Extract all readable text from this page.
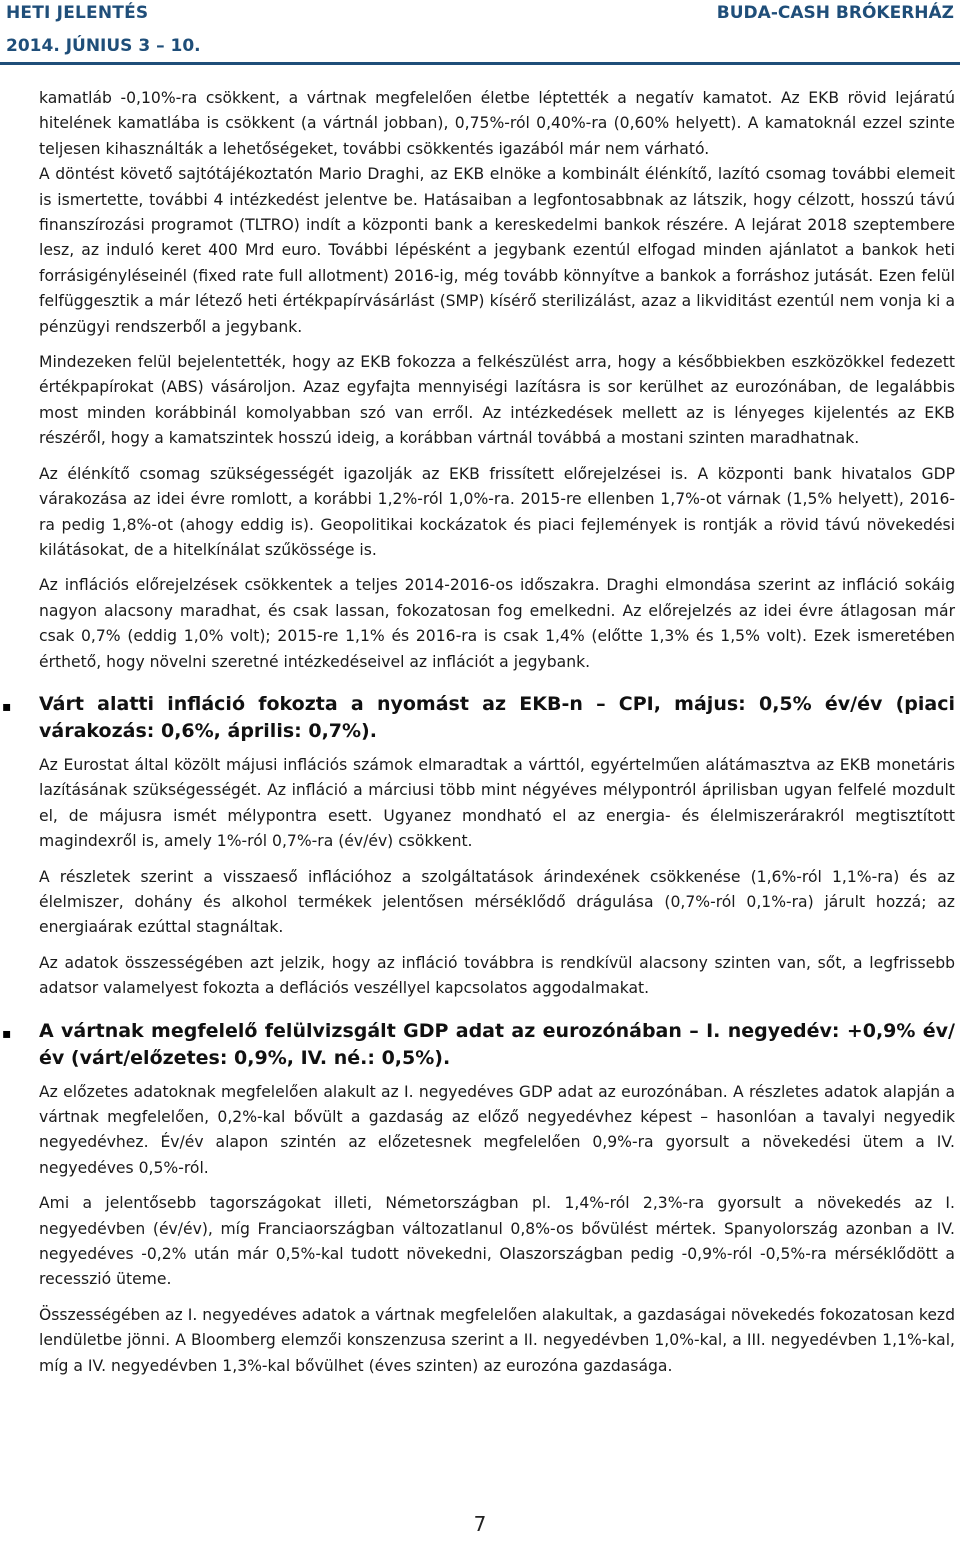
HETI JELENTÉS
2014. JÚNIUS 3 – 10.
BUDA-CASH BRÓKERHÁZ

kamatláb -0,10%-ra csökkent, a vártnak megfelelően életbe léptették a negatív kamatot. Az EKB rövid lejáratú hitelének kamatlába is csökkent (a vártnál jobban), 0,75%-ról 0,40%-ra (0,60% helyett). A kamatoknál ezzel szinte teljesen kihasználták a lehetőségeket, további csökkentés igazából már nem várható.

A döntést követő sajtótájékoztatón Mario Draghi, az EKB elnöke a kombinált élénkítő, lazító csomag további elemeit is ismertette, további 4 intézkedést jelentve be. Hatásaiban a legfontosabbnak az látszik, hogy célzott, hosszú távú finanszírozási programot (TLTRO) indít a központi bank a kereskedelmi bankok részére. A lejárat 2018 szeptembere lesz, az induló keret 400 Mrd euro. További lépésként a jegybank ezentúl elfogad minden ajánlatot a bankok heti forrásigényléseinél (fixed rate full allotment) 2016-ig, még tovább könnyítve a bankok a forráshoz jutását. Ezen felül felfüggesztik a már létező heti értékpapírvásárlást (SMP) kísérő sterilizálást, azaz a likviditást ezentúl nem vonja ki a pénzügyi rendszerből a jegybank.

Mindezeken felül bejelentették, hogy az EKB fokozza a felkészülést arra, hogy a későbbiekben eszközökkel fedezett értékpapírokat (ABS) vásároljon. Azaz egyfajta mennyiségi lazításra is sor kerülhet az eurozónában, de legalábbis most minden korábbinál komolyabban szó van erről. Az intézkedések mellett az is lényeges kijelentés az EKB részéről, hogy a kamatszintek hosszú ideig, a korábban vártnál továbbá a mostani szinten maradhatnak.

Az élénkítő csomag szükségességét igazolják az EKB frissített előrejelzései is. A központi bank hivatalos GDP várakozása az idei évre romlott, a korábbi 1,2%-ról 1,0%-ra. 2015-re ellenben 1,7%-ot várnak (1,5% helyett), 2016-ra pedig 1,8%-ot (ahogy eddig is). Geopolitikai kockázatok és piaci fejlemények is rontják a rövid távú növekedési kilátásokat, de a hitelkínálat szűkössége is.

Az inflációs előrejelzések csökkentek a teljes 2014-2016-os időszakra. Draghi elmondása szerint az infláció sokáig nagyon alacsony maradhat, és csak lassan, fokozatosan fog emelkedni. Az előrejelzés az idei évre átlagosan már csak 0,7% (eddig 1,0% volt); 2015-re 1,1% és 2016-ra is csak 1,4% (előtte 1,3% és 1,5% volt). Ezek ismeretében érthető, hogy növelni szeretné intézkedéseivel az inflációt a jegybank.

▪ Várt alatti infláció fokozta a nyomást az EKB-n – CPI, május: 0,5% év/év (piaci várakozás: 0,6%, április: 0,7%).

Az Eurostat által közölt májusi inflációs számok elmaradtak a várttól, egyértelműen alátámasztva az EKB monetáris lazításának szükségességét. Az infláció a márciusi több mint négyéves mélypontról áprilisban ugyan felfelé mozdult el, de májusra ismét mélypontra esett. Ugyanez mondható el az energia- és élelmiszerárakról megtisztított magindexről is, amely 1%-ról 0,7%-ra (év/év) csökkent.

A részletek szerint a visszaeső inflációhoz a szolgáltatások árindexének csökkenése (1,6%-ról 1,1%-ra) és az élelmiszer, dohány és alkohol termékek jelentősen mérséklődő drágulása (0,7%-ról 0,1%-ra) járult hozzá; az energiaárak ezúttal stagnáltak.

Az adatok összességében azt jelzik, hogy az infláció továbbra is rendkívül alacsony szinten van, sőt, a legfrissebb adatsor valamelyest fokozta a deflációs veszéllyel kapcsolatos aggodalmakat.

▪ A vártnak megfelelő felülvizsgált GDP adat az eurozónában – I. negyedév: +0,9% év/év (várt/előzetes: 0,9%, IV. né.: 0,5%).

Az előzetes adatoknak megfelelően alakult az I. negyedéves GDP adat az eurozónában. A részletes adatok alapján a vártnak megfelelően, 0,2%-kal bővült a gazdaság az előző negyedévhez képest – hasonlóan a tavalyi negyedik negyedévhez. Év/év alapon szintén az előzetesnek megfelelően 0,9%-ra gyorsult a növekedési ütem a IV. negyedéves 0,5%-ról.

Ami a jelentősebb tagországokat illeti, Németországban pl. 1,4%-ról 2,3%-ra gyorsult a növekedés az I. negyedévben (év/év), míg Franciaországban változatlanul 0,8%-os bővülést mértek. Spanyolország azonban a IV. negyedéves -0,2% után már 0,5%-kal tudott növekedni, Olaszországban pedig -0,9%-ról -0,5%-ra mérséklődött a recesszió üteme.

Összességében az I. negyedéves adatok a vártnak megfelelően alakultak, a gazdaságai növekedés fokozatosan kezd lendületbe jönni. A Bloomberg elemzői konszenzusa szerint a II. negyedévben 1,0%-kal, a III. negyedévben 1,1%-kal, míg a IV. negyedévben 1,3%-kal bővülhet (éves szinten) az eurozóna gazdasága.

7
